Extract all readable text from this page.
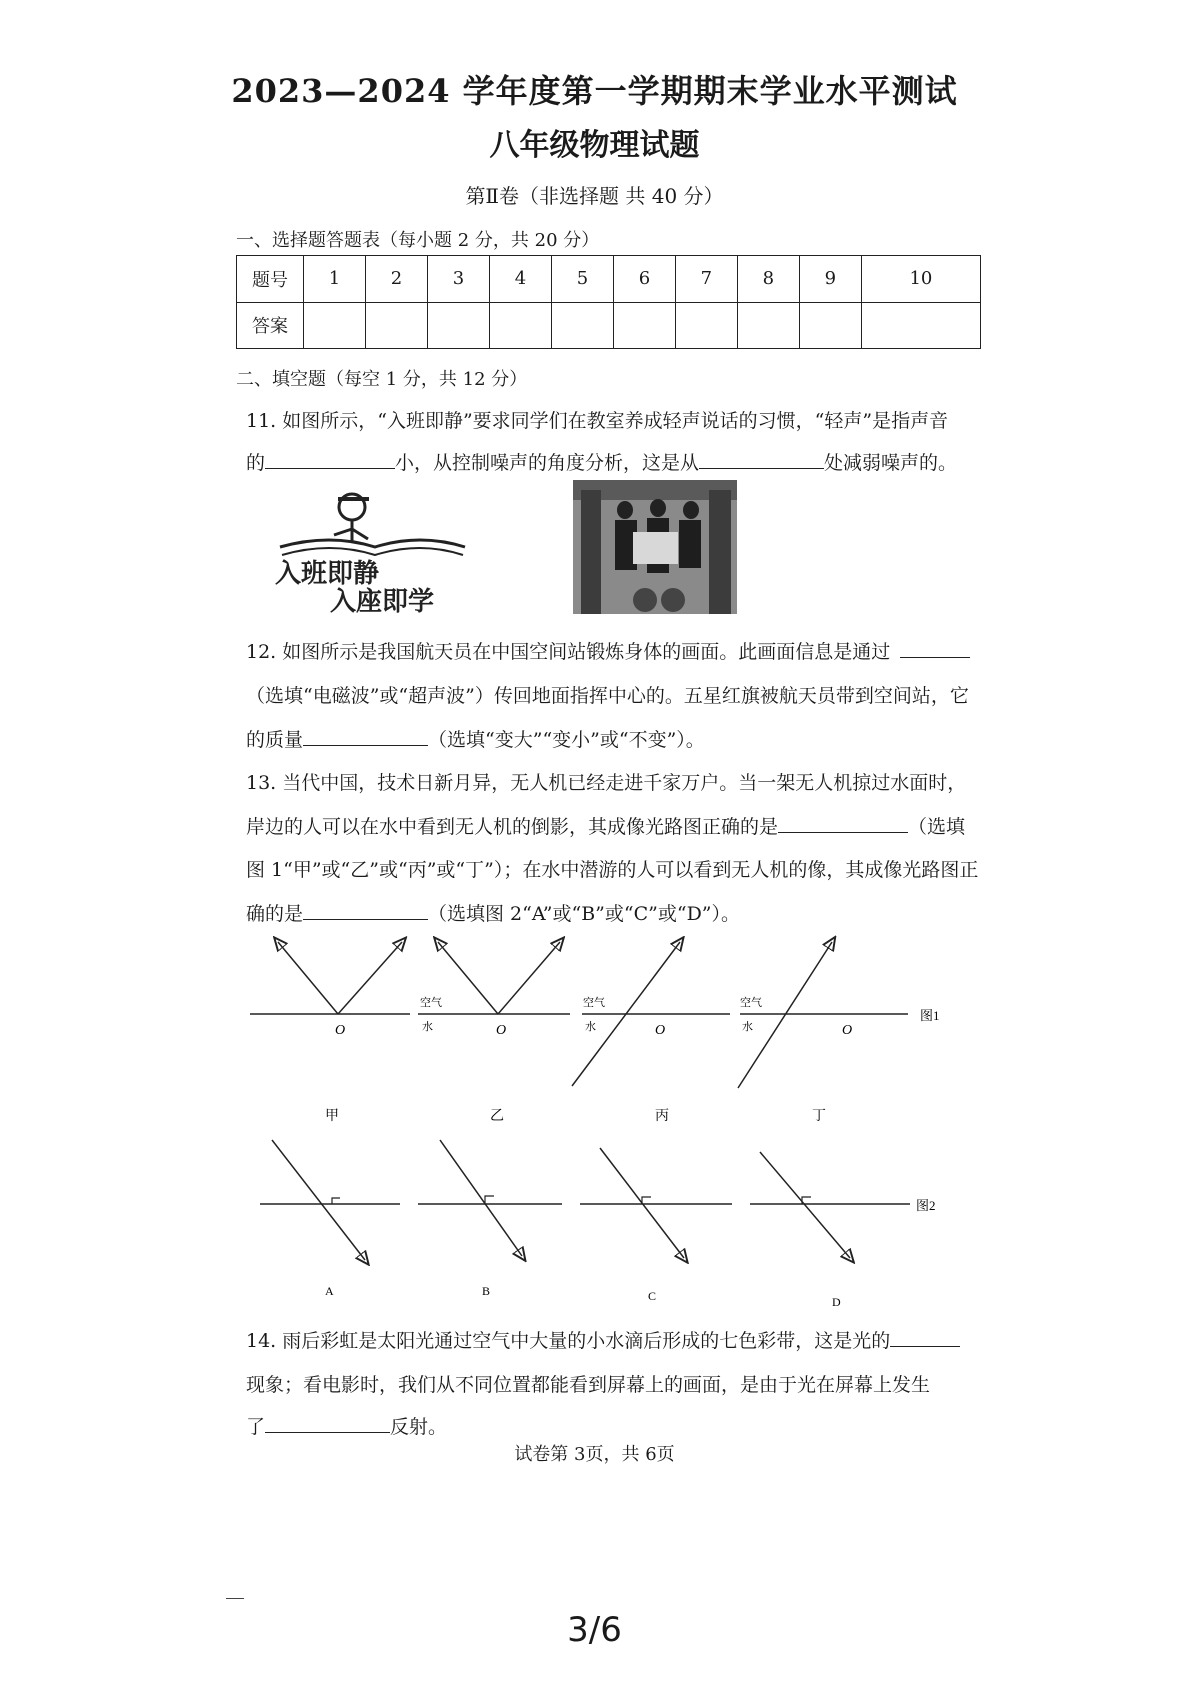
2023—2024 学年度第一学期期末学业水平测试
八年级物理试题
第Ⅱ卷（非选择题 共 40 分）
一、选择题答题表（每小题 2 分，共 20 分）
题号	1	2	3	4	5	6	7	8	9	10
答案										
二、填空题（每空 1 分，共 12 分）
11. 如图所示，“入班即静”要求同学们在教室养成轻声说话的习惯，“轻声”是指声音
的	小，从控制噪声的角度分析，这是从	处减弱噪声的。
入班即静
入座即学
12. 如图所示是我国航天员在中国空间站锻炼身体的画面。此画面信息是通过
（选填“电磁波”或“超声波”）传回地面指挥中心的。五星红旗被航天员带到空间站，它
的质量	（选填“变大”“变小”或“不变”）。
13. 当代中国，技术日新月异，无人机已经走进千家万户。当一架无人机掠过水面时，
岸边的人可以在水中看到无人机的倒影，其成像光路图正确的是	（选填
图 1“甲”或“乙”或“丙”或“丁”）；在水中潜游的人可以看到无人机的像，其成像光路图正
确的是	（选填图 2“A”或“B”或“C”或“D”）。
O
甲
空气
水	O
乙
空气
水	O
丙
空气
水	O
丁
图1
A	B	C	D
图2
14. 雨后彩虹是太阳光通过空气中大量的小水滴后形成的七色彩带，这是光的
现象；看电影时，我们从不同位置都能看到屏幕上的画面，是由于光在屏幕上发生
了	反射。
试卷第 3页，共 6页
3/6
